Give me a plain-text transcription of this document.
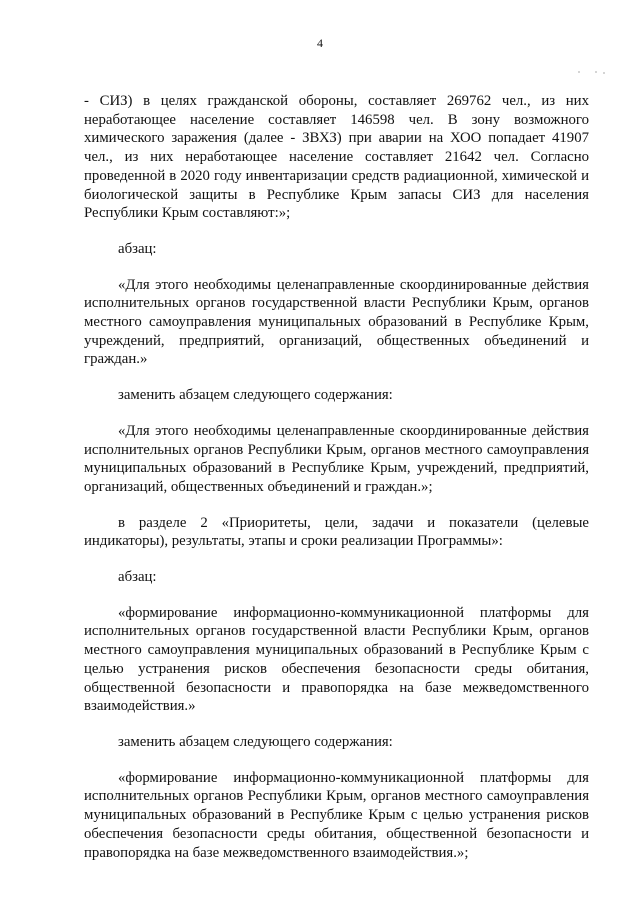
4

- СИЗ) в целях гражданской обороны, составляет 269762 чел., из них неработающее население составляет 146598 чел. В зону возможного химического заражения (далее - ЗВХЗ) при аварии на ХОО попадает 41907 чел., из них неработающее население составляет 21642 чел. Согласно проведенной в 2020 году инвентаризации средств радиационной, химической и биологической защиты в Республике Крым запасы СИЗ для населения Республики Крым составляют:»;

абзац:

«Для этого необходимы целенаправленные скоординированные действия исполнительных органов государственной власти Республики Крым, органов местного самоуправления муниципальных образований в Республике Крым, учреждений, предприятий, организаций, общественных объединений и граждан.»

заменить абзацем следующего содержания:

«Для этого необходимы целенаправленные скоординированные действия исполнительных органов Республики Крым, органов местного самоуправления муниципальных образований в Республике Крым, учреждений, предприятий, организаций, общественных объединений и граждан.»;

в разделе 2 «Приоритеты, цели, задачи и показатели (целевые индикаторы), результаты, этапы и сроки реализации Программы»:

абзац:

«формирование информационно-коммуникационной платформы для исполнительных органов государственной власти Республики Крым, органов местного самоуправления муниципальных образований в Республике Крым с целью устранения рисков обеспечения безопасности среды обитания, общественной безопасности и правопорядка на базе межведомственного взаимодействия.»

заменить абзацем следующего содержания:

«формирование информационно-коммуникационной платформы для исполнительных органов Республики Крым, органов местного самоуправления муниципальных образований в Республике Крым с целью устранения рисков обеспечения безопасности среды обитания, общественной безопасности и правопорядка на базе межведомственного взаимодействия.»;
